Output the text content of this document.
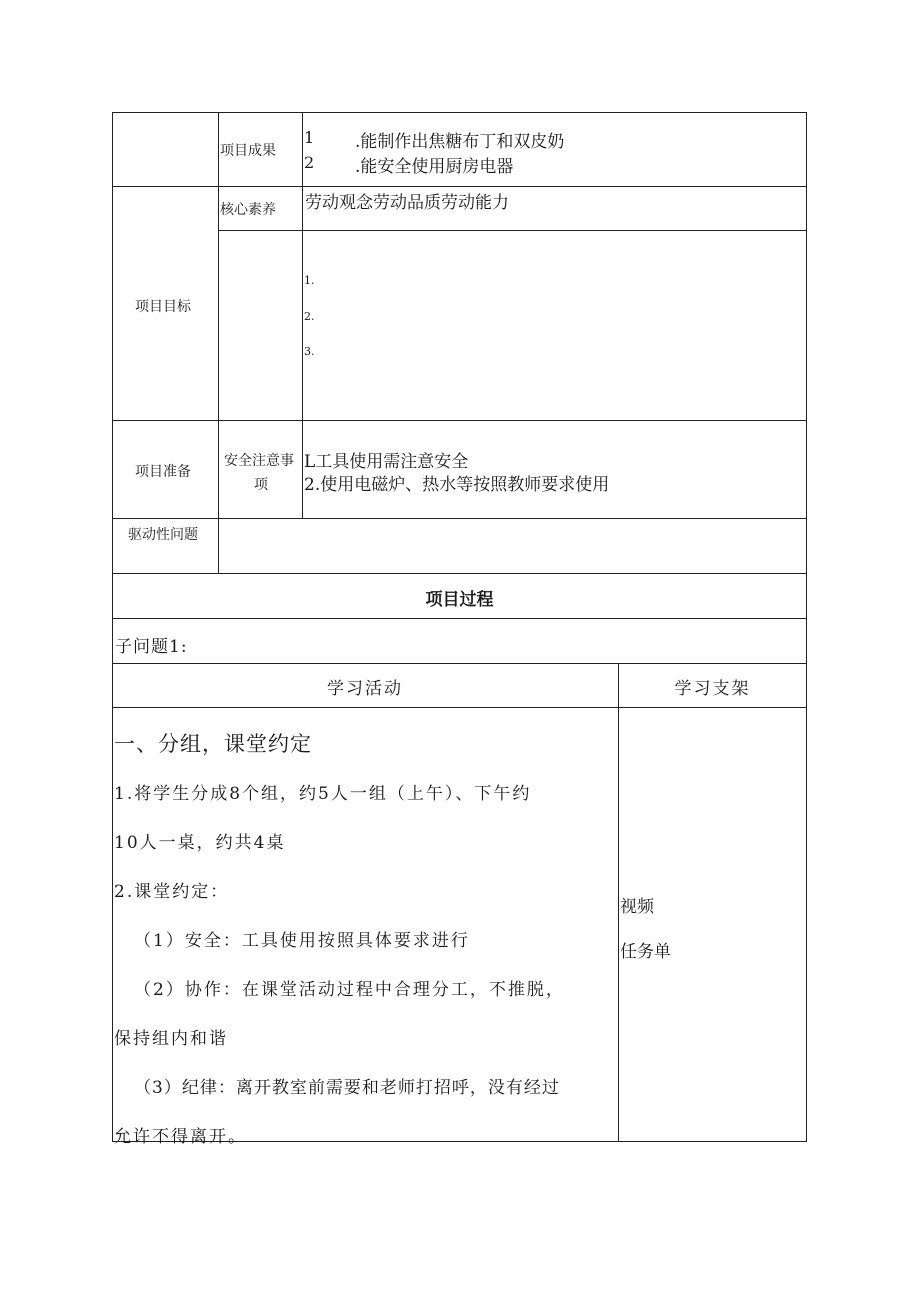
项目成果
1 .能制作出焦糖布丁和双皮奶
2 .能安全使用厨房电器
核心素养 劳动观念劳动品质劳动能力
项目目标
1.
2.
3.
项目准备
安全注意事
项
L工具使用需注意安全
2.使用电磁炉、热水等按照教师要求使用
驱动性问题
项目过程
子问题1:
学习活动	学习支架
一、分组，课堂约定
1.将学生分成8个组，约5人一组（上午）、下午约
10人一桌，约共4桌
2.课堂约定：
（1）安全：工具使用按照具体要求进行
（2）协作：在课堂活动过程中合理分工，不推脱，
保持组内和谐
（3）纪律：离开教室前需要和老师打招呼，没有经过
允许不得离开。
视频
任务单
